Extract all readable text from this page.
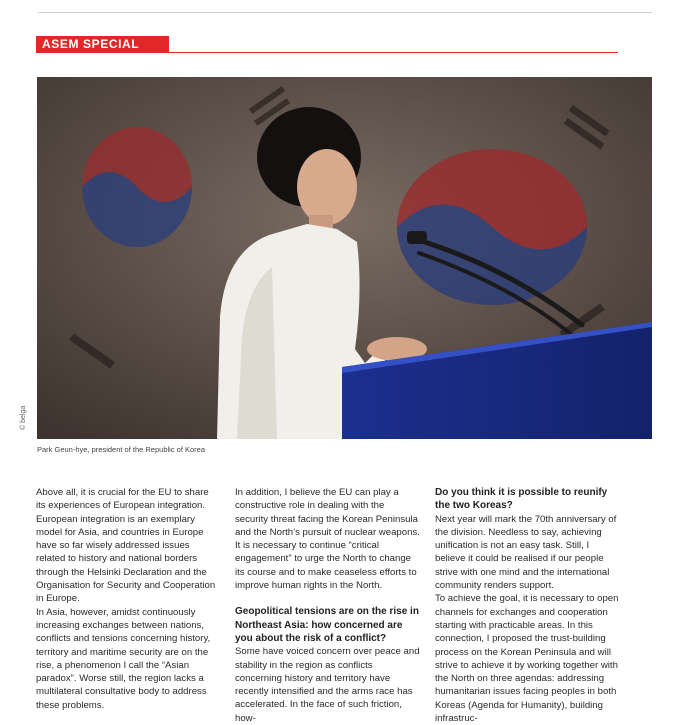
ASEM SPECIAL
© belga
Park Geun-hye, president of the Republic of Korea

Above all, it is crucial for the EU to share its experiences of European integration. European integration is an exemplary model for Asia, and countries in Europe have so far wisely addressed issues related to history and national borders through the Helsinki Declaration and the Organisation for Security and Cooperation in Europe.

In Asia, however, amidst continuously increasing exchanges between nations, conflicts and tensions concerning history, territory and maritime security are on the rise, a phenomenon I call the “Asian paradox”. Worse still, the region lacks a multilateral consultative body to address these problems.

In addition, I believe the EU can play a constructive role in dealing with the security threat facing the Korean Peninsula and the North’s pursuit of nuclear weapons. It is necessary to continue “critical engagement” to urge the North to change its course and to make ceaseless efforts to improve human rights in the North.

Geopolitical tensions are on the rise in Northeast Asia: how concerned are you about the risk of a conflict?

Some have voiced concern over peace and stability in the region as conflicts concerning history and territory have recently intensified and the arms race has accelerated. In the face of such friction, how-

Do you think it is possible to reunify the two Koreas?

Next year will mark the 70th anniversary of the division. Needless to say, achieving unification is not an easy task. Still, I believe it could be realised if our people strive with one mind and the international community renders support.

To achieve the goal, it is necessary to open channels for exchanges and cooperation starting with practicable areas. In this connection, I proposed the trust-building process on the Korean Peninsula and will strive to achieve it by working together with the North on three agendas: addressing humanitarian issues facing peoples in both Koreas (Agenda for Humanity), building infrastruc-
